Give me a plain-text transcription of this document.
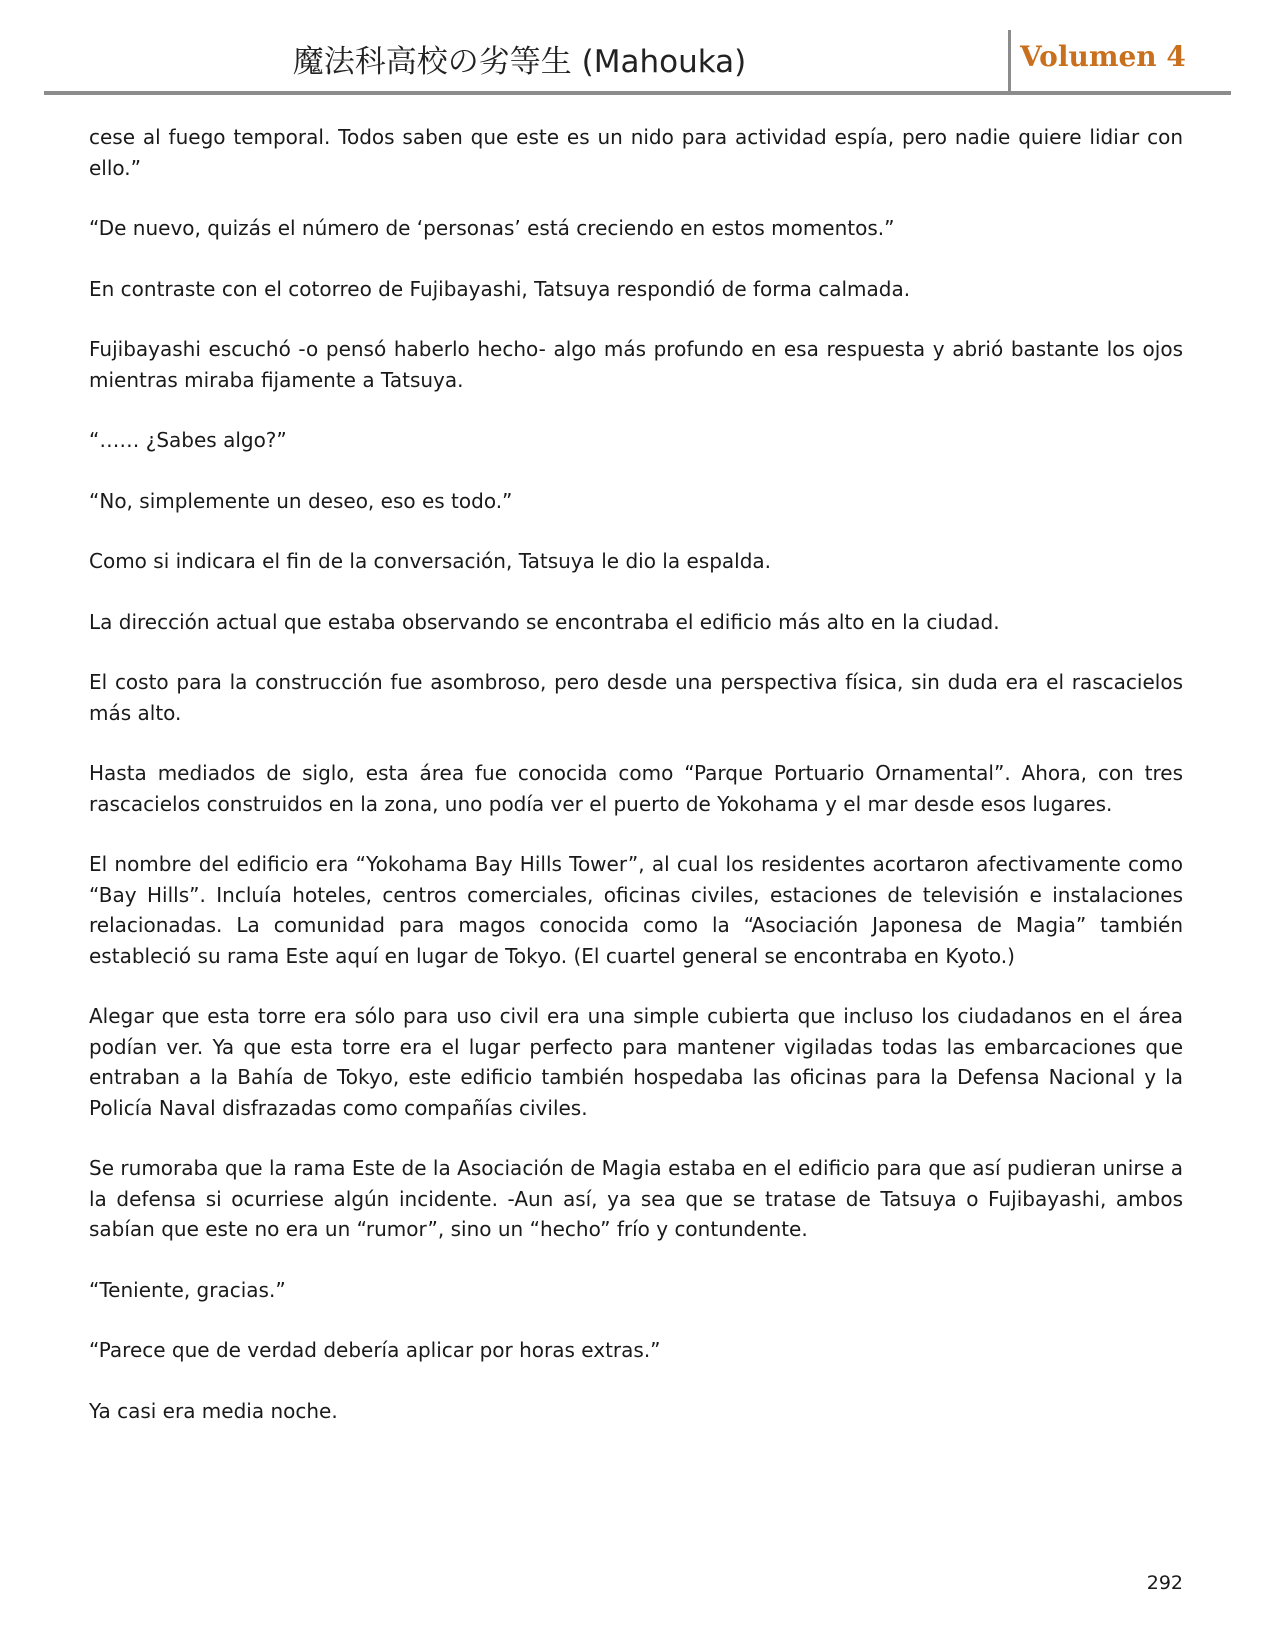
魔法科高校の劣等生 (Mahouka)	Volumen 4

cese al fuego temporal. Todos saben que este es un nido para actividad espía, pero nadie quiere lidiar con ello.”

“De nuevo, quizás el número de ‘personas’ está creciendo en estos momentos.”

En contraste con el cotorreo de Fujibayashi, Tatsuya respondió de forma calmada.

Fujibayashi escuchó -o pensó haberlo hecho- algo más profundo en esa respuesta y abrió bastante los ojos mientras miraba fijamente a Tatsuya.

“…… ¿Sabes algo?”

“No, simplemente un deseo, eso es todo.”

Como si indicara el fin de la conversación, Tatsuya le dio la espalda.

La dirección actual que estaba observando se encontraba el edificio más alto en la ciudad.

El costo para la construcción fue asombroso, pero desde una perspectiva física, sin duda era el rascacielos más alto.

Hasta mediados de siglo, esta área fue conocida como “Parque Portuario Ornamental”. Ahora, con tres rascacielos construidos en la zona, uno podía ver el puerto de Yokohama y el mar desde esos lugares.

El nombre del edificio era “Yokohama Bay Hills Tower”, al cual los residentes acortaron afectivamente como “Bay Hills”. Incluía hoteles, centros comerciales, oficinas civiles, estaciones de televisión e instalaciones relacionadas. La comunidad para magos conocida como la “Asociación Japonesa de Magia” también estableció su rama Este aquí en lugar de Tokyo. (El cuartel general se encontraba en Kyoto.)

Alegar que esta torre era sólo para uso civil era una simple cubierta que incluso los ciudadanos en el área podían ver. Ya que esta torre era el lugar perfecto para mantener vigiladas todas las embarcaciones que entraban a la Bahía de Tokyo, este edificio también hospedaba las oficinas para la Defensa Nacional y la Policía Naval disfrazadas como compañías civiles.

Se rumoraba que la rama Este de la Asociación de Magia estaba en el edificio para que así pudieran unirse a la defensa si ocurriese algún incidente. -Aun así, ya sea que se tratase de Tatsuya o Fujibayashi, ambos sabían que este no era un “rumor”, sino un “hecho” frío y contundente.

“Teniente, gracias.”

“Parece que de verdad debería aplicar por horas extras.”

Ya casi era media noche.

292
